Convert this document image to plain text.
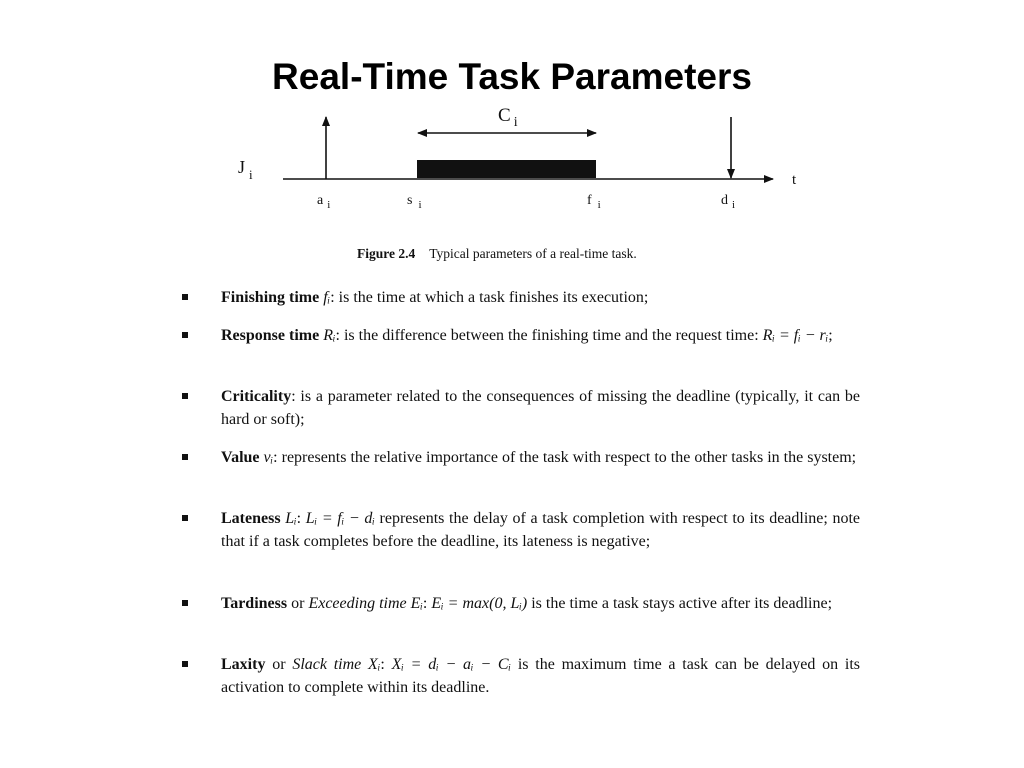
Real-Time Task Parameters
J $_i$	t
C $_i$
a $_i$	s $_i$	f $_i$	d $_i$
Figure 2.4 Typical parameters of a real-time task.
Finishing time fᵢ: is the time at which a task finishes its execution;
Response time Rᵢ: is the difference between the finishing time and the request time: Rᵢ = fᵢ − rᵢ;
Criticality: is a parameter related to the consequences of missing the deadline (typically, it can be hard or soft);
Value vᵢ: represents the relative importance of the task with respect to the other tasks in the system;
Lateness Lᵢ: Lᵢ = fᵢ − dᵢ represents the delay of a task completion with respect to its deadline; note that if a task completes before the deadline, its lateness is negative;
Tardiness or Exceeding time Eᵢ: Eᵢ = max(0, Lᵢ) is the time a task stays active after its deadline;
Laxity or Slack time Xᵢ: Xᵢ = dᵢ − aᵢ − Cᵢ is the maximum time a task can be delayed on its activation to complete within its deadline.
